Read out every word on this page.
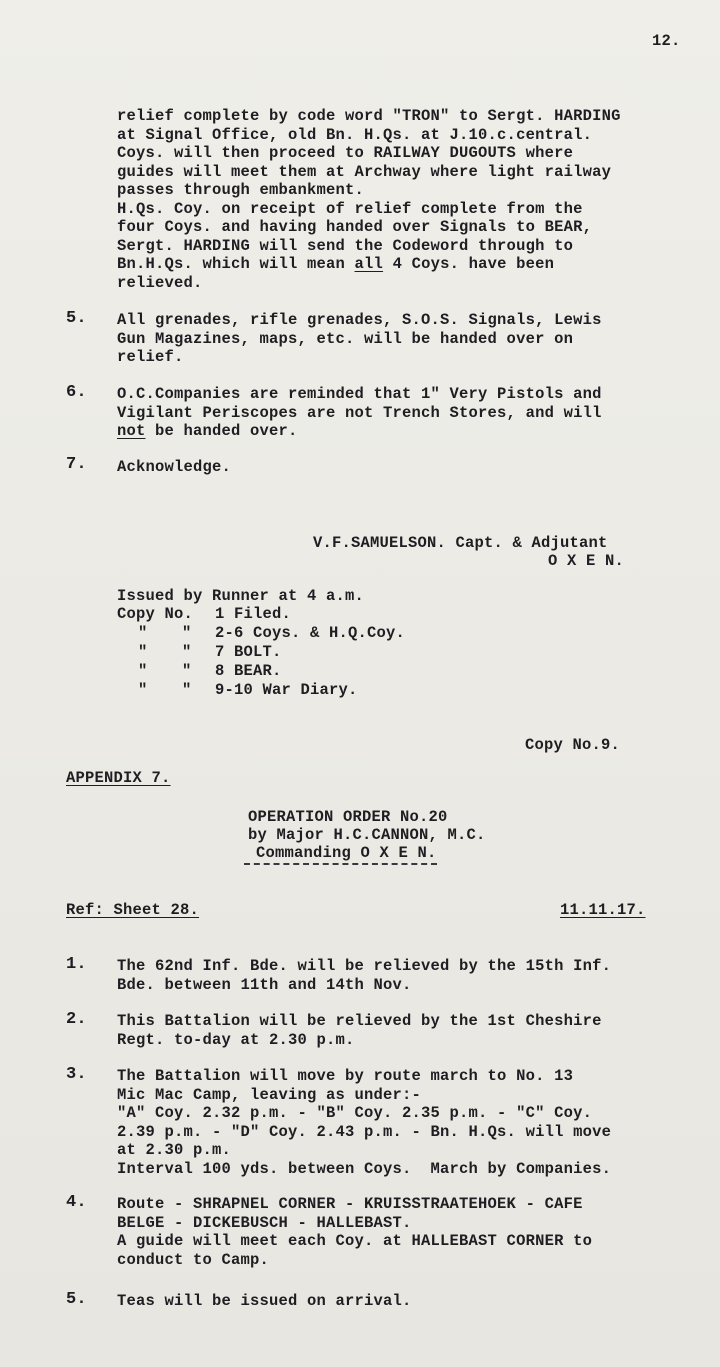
12.
relief complete by code word "TRON" to Sergt. HARDING
at Signal Office, old Bn. H.Qs. at J.10.c.central.
Coys. will then proceed to RAILWAY DUGOUTS where
guides will meet them at Archway where light railway
passes through embankment.
H.Qs. Coy. on receipt of relief complete from the
four Coys. and having handed over Signals to BEAR,
Sergt. HARDING will send the Codeword through to
Bn.H.Qs. which will mean all 4 Coys. have been
relieved.
5. All grenades, rifle grenades, S.O.S. Signals, Lewis
Gun Magazines, maps, etc. will be handed over on
relief.
6. O.C.Companies are reminded that 1" Very Pistols and
Vigilant Periscopes are not Trench Stores, and will
not be handed over.
7. Acknowledge.
V.F.SAMUELSON. Capt. & Adjutant
O X E N.
Issued by Runner at 4 a.m.
Copy No. 1 Filed.
" " 2-6 Coys. & H.Q.Coy.
" " 7 BOLT.
" " 8 BEAR.
" " 9-10 War Diary.
Copy No.9.
APPENDIX 7.
OPERATION ORDER No.20
by Major H.C.CANNON, M.C.
Commanding O X E N.
Ref: Sheet 28.	11.11.17.
1. The 62nd Inf. Bde. will be relieved by the 15th Inf.
Bde. between 11th and 14th Nov.
2. This Battalion will be relieved by the 1st Cheshire
Regt. to-day at 2.30 p.m.
3. The Battalion will move by route march to No. 13
Mic Mac Camp, leaving as under:-
"A" Coy. 2.32 p.m. - "B" Coy. 2.35 p.m. - "C" Coy.
2.39 p.m. - "D" Coy. 2.43 p.m. - Bn. H.Qs. will move
at 2.30 p.m.
Interval 100 yds. between Coys.  March by Companies.
4. Route - SHRAPNEL CORNER - KRUISSTRAATEHOEK - CAFE
BELGE - DICKEBUSCH - HALLEBAST.
A guide will meet each Coy. at HALLEBAST CORNER to
conduct to Camp.
5. Teas will be issued on arrival.
